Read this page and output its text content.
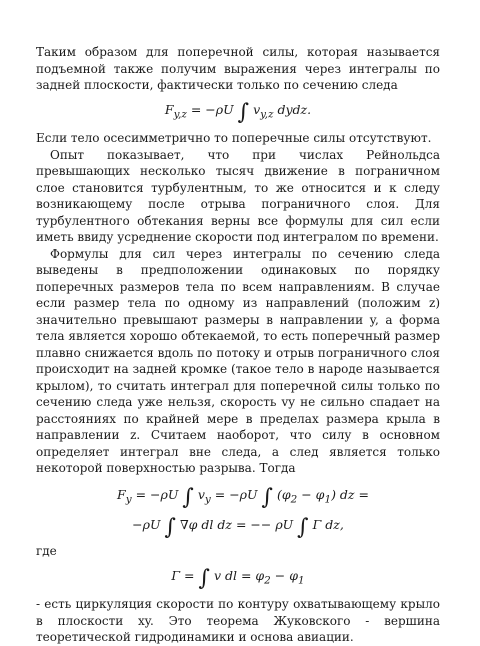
Таким образом для поперечной силы, которая называется подъемной также получим выражения через интегралы по задней плоскости, фактически только по сечению следа

$F_{y,z} = -\rho U$ ∫ $v_{y,z}$ dydz.

Если тело осесимметрично то поперечные силы отсутствуют.

Опыт показывает, что при числах Рейнольдса превышающих несколько тысяч движение в пограничном слое становится турбулентным, то же относится и к следу возникающему после отрыва пограничного слоя. Для турбулентного обтекания верны все формулы для сил если иметь ввиду усреднение скорости под интегралом по времени.

Формулы для сил через интегралы по сечению следа выведены в предположении одинаковых по порядку поперечных размеров тела по всем направлениям. В случае если размер тела по одному из направлений (положим z) значительно превышают размеры в направлении y, а форма тела является хорошо обтекаемой, то есть поперечный размер плавно снижается вдоль по потоку и отрыв пограничного слоя происходит на задней кромке (такое тело в народе называется крылом), то считать интеграл для поперечной силы только по сечению следа уже нельзя, скорость vy не сильно спадает на расстояниях по крайней мере в пределах размера крыла в направлении z. Считаем наоборот, что силу в основном определяет интеграл вне следа, а след является только некоторой поверхностью разрыва. Тогда

$F_y = -\rho U$ ∫ $v_y = -\rho U$ ∫ $(\varphi_2 - \varphi_1)$ dz =
−ρU ∫ ∇φ dl dz = −− ρU ∫ Γ dz,

где

Γ = ∫ v dl = $\varphi_2 - \varphi_1$

- есть циркуляция скорости по контуру охватывающему крыло в плоскости xy. Это теорема Жуковского - вершина теоретической гидродинамики и основа авиации.
